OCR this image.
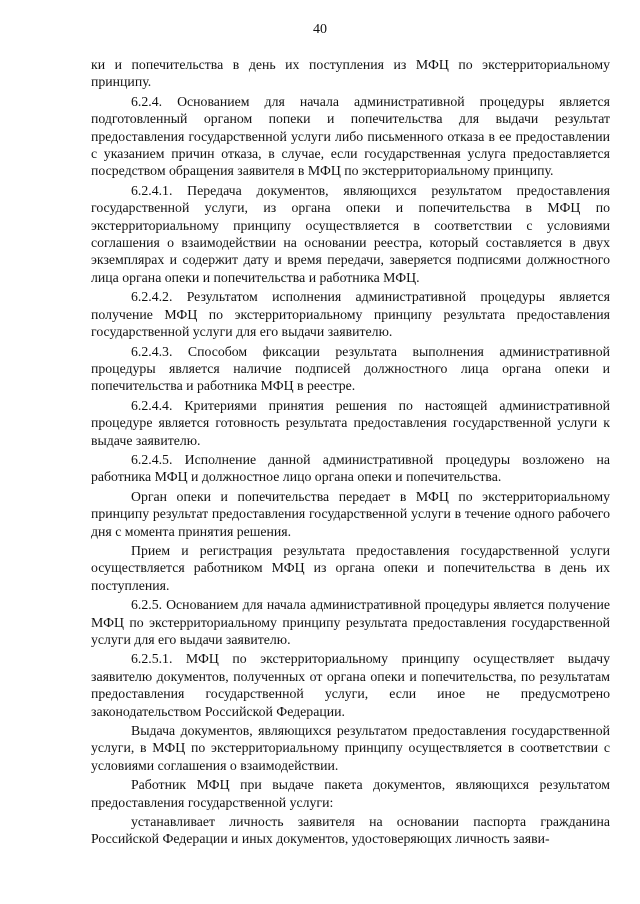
40

ки и попечительства в день их поступления из МФЦ по экстерриториальному принципу.

6.2.4. Основанием для начала административной процедуры является подготовленный органом попеки и попечительства для выдачи результат предоставления государственной услуги либо письменного отказа в ее предоставлении с указанием причин отказа, в случае, если государственная услуга предоставляется посредством обращения заявителя в МФЦ по экстерриториальному принципу.

6.2.4.1. Передача документов, являющихся результатом предоставления государственной услуги, из органа опеки и попечительства в МФЦ по экстерриториальному принципу осуществляется в соответствии с условиями соглашения о взаимодействии на основании реестра, который составляется в двух экземплярах и содержит дату и время передачи, заверяется подписями должностного лица органа опеки и попечительства и работника МФЦ.

6.2.4.2. Результатом исполнения административной процедуры является получение МФЦ по экстерриториальному принципу результата предоставления государственной услуги для его выдачи заявителю.

6.2.4.3. Способом фиксации результата выполнения административной процедуры является наличие подписей должностного лица органа опеки и попечительства и работника МФЦ в реестре.

6.2.4.4. Критериями принятия решения по настоящей административной процедуре является готовность результата предоставления государственной услуги к выдаче заявителю.

6.2.4.5. Исполнение данной административной процедуры возложено на работника МФЦ и должностное лицо органа опеки и попечительства.

Орган опеки и попечительства передает в МФЦ по экстерриториальному принципу результат предоставления государственной услуги в течение одного рабочего дня с момента принятия решения.

Прием и регистрация результата предоставления государственной услуги осуществляется работником МФЦ из органа опеки и попечительства в день их поступления.

6.2.5. Основанием для начала административной процедуры является получение МФЦ по экстерриториальному принципу результата предоставления государственной услуги для его выдачи заявителю.

6.2.5.1. МФЦ по экстерриториальному принципу осуществляет выдачу заявителю документов, полученных от органа опеки и попечительства, по результатам предоставления государственной услуги, если иное не предусмотрено законодательством Российской Федерации.

Выдача документов, являющихся результатом предоставления государственной услуги, в МФЦ по экстерриториальному принципу осуществляется в соответствии с условиями соглашения о взаимодействии.

Работник МФЦ при выдаче пакета документов, являющихся результатом предоставления государственной услуги:

устанавливает личность заявителя на основании паспорта гражданина Российской Федерации и иных документов, удостоверяющих личность заяви-
